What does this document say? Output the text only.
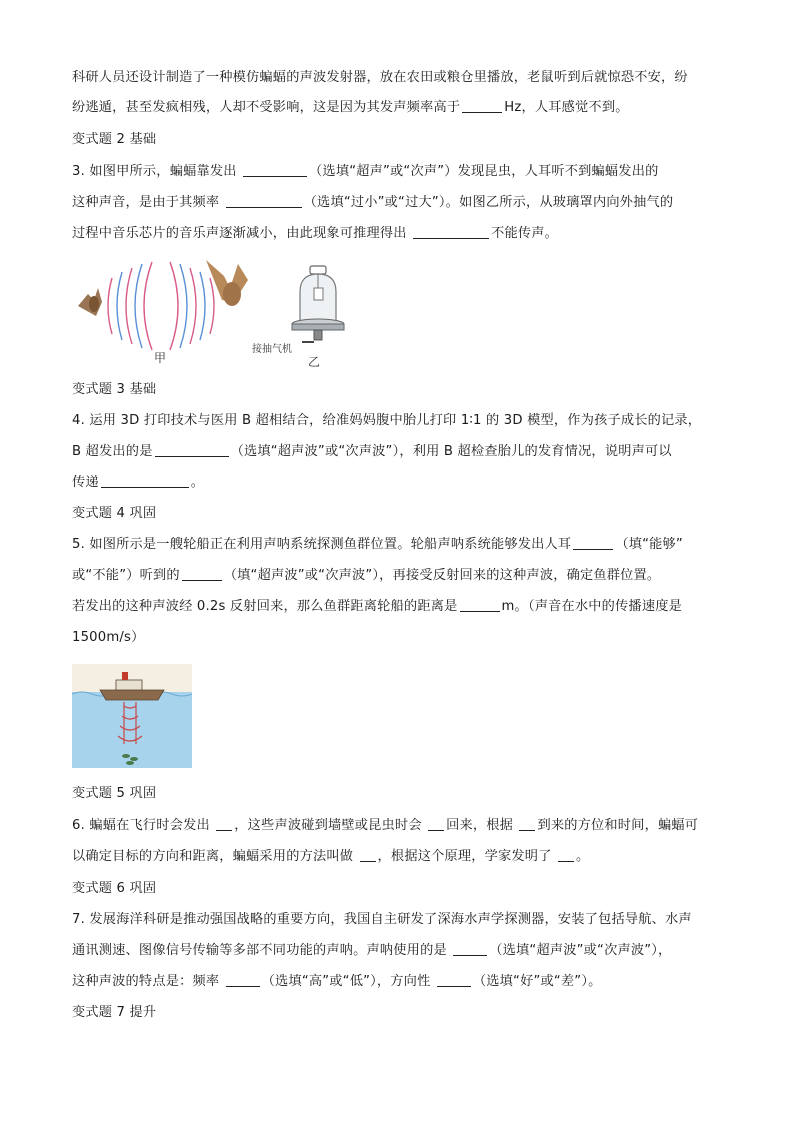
科研人员还设计制造了一种模仿蝙蝠的声波发射器，放在农田或粮仓里播放，老鼠听到后就惊恐不安，纷
纷逃遁，甚至发疯相残，人却不受影响，这是因为其发声频率高于	Hz，人耳感觉不到。
变式题 2 基础
3. 如图甲所示，蝙蝠靠发出	（选填“超声”或“次声”）发现昆虫，人耳听不到蝙蝠发出的
这种声音，是由于其频率	（选填“过小”或“过大”）。如图乙所示，从玻璃罩内向外抽气的
过程中音乐芯片的音乐声逐渐减小，由此现象可推理得出	不能传声。
甲
接抽气机
乙
变式题 3 基础
4. 运用 3D 打印技术与医用 B 超相结合，给准妈妈腹中胎儿打印 1∶1 的 3D 模型，作为孩子成长的记录，
B 超发出的是	（选填“超声波”或“次声波”），利用 B 超检查胎儿的发育情况，说明声可以
传递	。
变式题 4 巩固
5. 如图所示是一艘轮船正在利用声呐系统探测鱼群位置。轮船声呐系统能够发出人耳	（填“能够”
或“不能”）听到的	（填“超声波”或“次声波”），再接受反射回来的这种声波，确定鱼群位置。
若发出的这种声波经 0.2s 反射回来，那么鱼群距离轮船的距离是	m。（声音在水中的传播速度是
1500m/s）
变式题 5 巩固
6. 蝙蝠在飞行时会发出 ，这些声波碰到墙壁或昆虫时会 回来，根据 到来的方位和时间，蝙蝠可
以确定目标的方向和距离，蝙蝠采用的方法叫做 ，根据这个原理，学家发明了 。
变式题 6 巩固
7. 发展海洋科研是推动强国战略的重要方向，我国自主研发了深海水声学探测器，安装了包括导航、水声
通讯测速、图像信号传输等多部不同功能的声呐。声呐使用的是	（选填“超声波”或“次声波”），
这种声波的特点是：频率	（选填“高”或“低”），方向性	（选填“好”或“差”）。
变式题 7 提升
